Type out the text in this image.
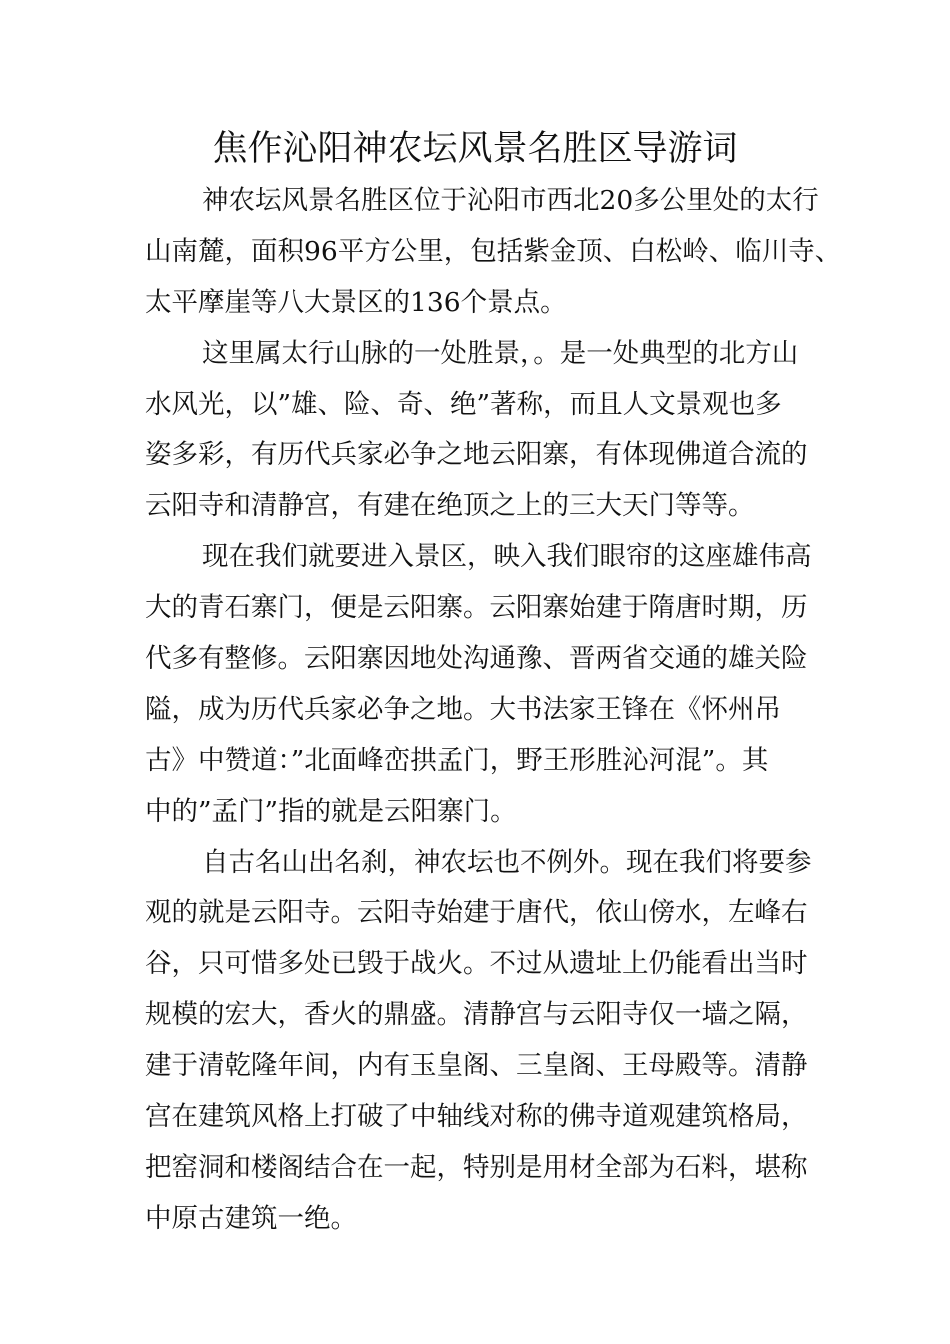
焦作沁阳神农坛风景名胜区导游词
神农坛风景名胜区位于沁阳市西北20多公里处的太行
山南麓，面积96平方公里，包括紫金顶、白松岭、临川寺、
太平摩崖等八大景区的136个景点。
这里属太行山脉的一处胜景，。是一处典型的北方山
水风光，以”雄、险、奇、绝”著称，而且人文景观也多
姿多彩，有历代兵家必争之地云阳寨，有体现佛道合流的
云阳寺和清静宫，有建在绝顶之上的三大天门等等。
现在我们就要进入景区，映入我们眼帘的这座雄伟高
大的青石寨门，便是云阳寨。云阳寨始建于隋唐时期，历
代多有整修。云阳寨因地处沟通豫、晋两省交通的雄关险
隘，成为历代兵家必争之地。大书法家王锋在《怀州吊
古》中赞道：”北面峰峦拱孟门，野王形胜沁河混”。其
中的”孟门”指的就是云阳寨门。
自古名山出名刹，神农坛也不例外。现在我们将要参
观的就是云阳寺。云阳寺始建于唐代，依山傍水，左峰右
谷，只可惜多处已毁于战火。不过从遗址上仍能看出当时
规模的宏大，香火的鼎盛。清静宫与云阳寺仅一墙之隔，
建于清乾隆年间，内有玉皇阁、三皇阁、王母殿等。清静
宫在建筑风格上打破了中轴线对称的佛寺道观建筑格局，
把窑洞和楼阁结合在一起，特别是用材全部为石料，堪称
中原古建筑一绝。
